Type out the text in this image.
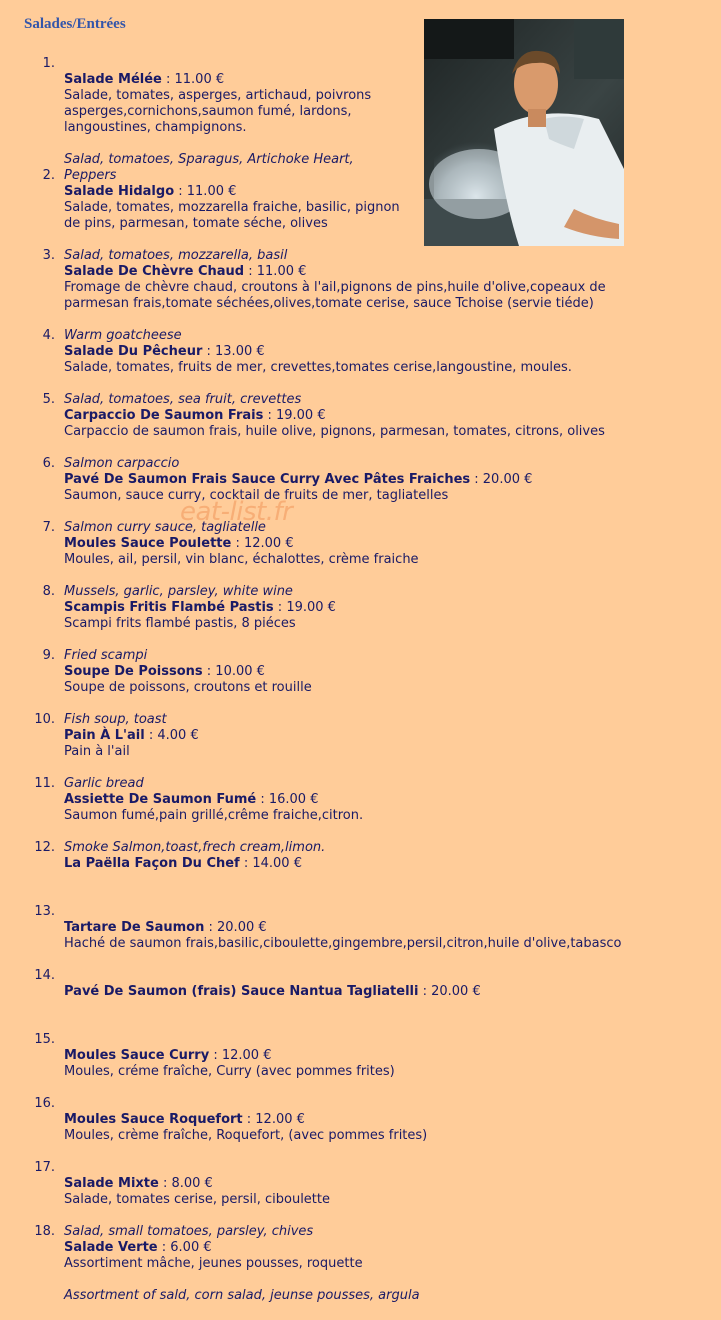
Salades/Entrées
eat-list.fr
1.

Salade Mélée : 11.00 €

Salade, tomates, asperges, artichaud, poivrons
asperges,cornichons,saumon fumé, lardons,
langoustines, champignons.

Salad, tomatoes, Sparagus, Artichoke Heart,
Peppers

2.

Salade Hidalgo : 11.00 €

Salade, tomates, mozzarella fraiche, basilic, pignon
de pins, parmesan, tomate séche, olives

Salad, tomatoes, mozzarella, basil

3.

Salade De Chèvre Chaud : 11.00 €

Fromage de chèvre chaud, croutons à l'ail,pignons de pins,huile d'olive,copeaux de
parmesan frais,tomate séchées,olives,tomate cerise, sauce Tchoise (servie tiéde)

Warm goatcheese

4.

Salade Du Pêcheur : 13.00 €

Salade, tomates, fruits de mer, crevettes,tomates cerise,langoustine, moules.

Salad, tomatoes, sea fruit, crevettes

5.

Carpaccio De Saumon Frais : 19.00 €

Carpaccio de saumon frais, huile olive, pignons, parmesan, tomates, citrons, olives

Salmon carpaccio

6.

Pavé De Saumon Frais Sauce Curry Avec Pâtes Fraiches : 20.00 €

Saumon, sauce curry, cocktail de fruits de mer, tagliatelles

Salmon curry sauce, tagliatelle

7.

Moules Sauce Poulette : 12.00 €

Moules, ail, persil, vin blanc, échalottes, crème fraiche

Mussels, garlic, parsley, white wine

8.

Scampis Fritis Flambé Pastis : 19.00 €

Scampi frits flambé pastis, 8 piéces

Fried scampi

9.

Soupe De Poissons : 10.00 €

Soupe de poissons, croutons et rouille

Fish soup, toast

10.

Pain À L'ail : 4.00 €

Pain à l'ail

Garlic bread

11.

Assiette De Saumon Fumé : 16.00 €

Saumon fumé,pain grillé,crême fraiche,citron.

Smoke Salmon,toast,frech cream,limon.

12.

La Paëlla Façon Du Chef : 14.00 €

13.

Tartare De Saumon : 20.00 €

Haché de saumon frais,basilic,ciboulette,gingembre,persil,citron,huile d'olive,tabasco

14.

Pavé De Saumon (frais) Sauce Nantua Tagliatelli : 20.00 €

15.

Moules Sauce Curry : 12.00 €

Moules, créme fraîche, Curry (avec pommes frites)

16.

Moules Sauce Roquefort : 12.00 €

Moules, crème fraîche, Roquefort, (avec pommes frites)

17.

Salade Mixte : 8.00 €

Salade, tomates cerise, persil, ciboulette

Salad, small tomatoes, parsley, chives

18.

Salade Verte : 6.00 €

Assortiment mâche, jeunes pousses, roquette

Assortment of sald, corn salad, jeunse pousses, argula
